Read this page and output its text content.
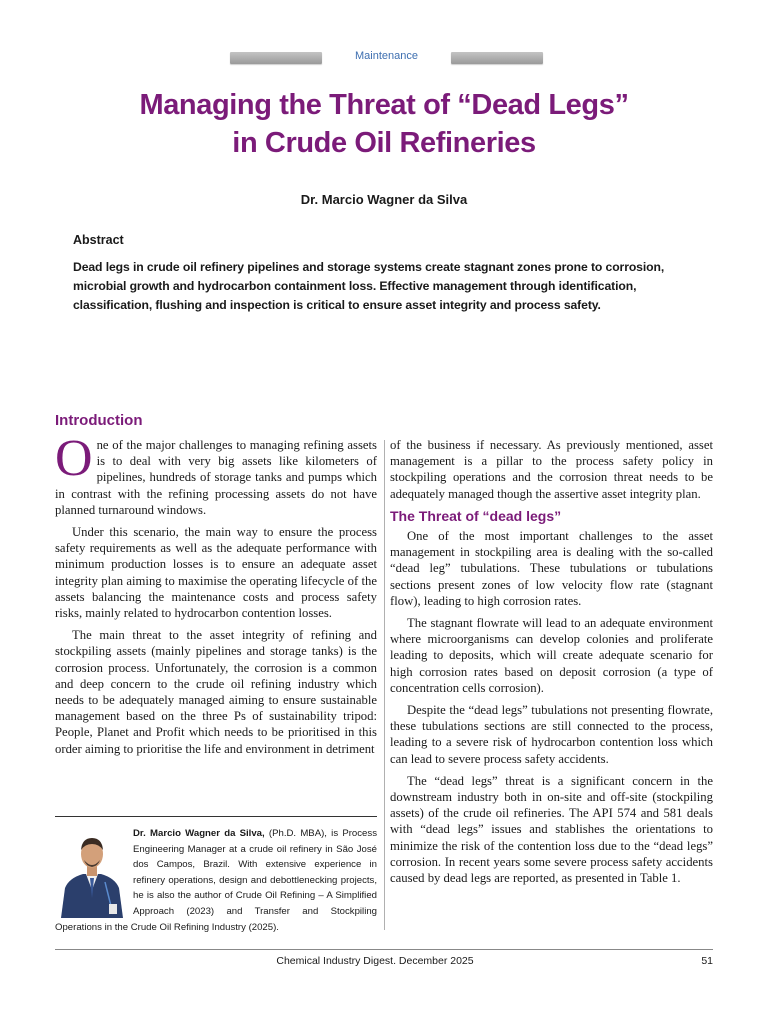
Maintenance
Managing the Threat of “Dead Legs”
in Crude Oil Refineries
Dr. Marcio Wagner da Silva
Abstract
Dead legs in crude oil refinery pipelines and storage systems create stagnant zones prone to corrosion, microbial growth and hydrocarbon containment loss. Effective management through identification, classification, flushing and inspection is critical to ensure asset integrity and process safety.
Introduction

One of the major challenges to managing refining assets is to deal with very big assets like kilometers of pipelines, hundreds of storage tanks and pumps which in contrast with the refining processing assets do not have planned turnaround windows.

Under this scenario, the main way to ensure the process safety requirements as well as the adequate performance with minimum production losses is to ensure an adequate asset integrity plan aiming to maximise the operating lifecycle of the assets balancing the maintenance costs and process safety risks, mainly related to hydrocarbon contention losses.

The main threat to the asset integrity of refining and stockpiling assets (mainly pipelines and storage tanks) is the corrosion process. Unfortunately, the corrosion is a common and deep concern to the crude oil refining industry which needs to be adequately managed aiming to ensure sustainable management based on the three Ps of sustainability tripod: People, Planet and Profit which needs to be prioritised in this order aiming to prioritise the life and environment in detriment

of the business if necessary. As previously mentioned, asset management is a pillar to the process safety policy in stockpiling operations and the corrosion threat needs to be adequately managed though the assertive asset integrity plan.

The Threat of “dead legs”

One of the most important challenges to the asset management in stockpiling area is dealing with the so-called “dead leg” tubulations. These tubulations or tubulations sections present zones of low velocity flow rate (stagnant flow), leading to high corrosion rates.

The stagnant flowrate will lead to an adequate environment where microorganisms can develop colonies and proliferate leading to deposits, which will create adequate scenario for high corrosion rates based on deposit corrosion (a type of concentration cells corrosion).

Despite the “dead legs” tubulations not presenting flowrate, these tubulations sections are still connected to the process, leading to a severe risk of hydrocarbon contention loss which can lead to severe process safety accidents.

The “dead legs” threat is a significant concern in the downstream industry both in on-site and off-site (stockpiling assets) of the crude oil refineries. The API 574 and 581 deals with “dead legs” issues and stablishes the orientations to minimize the risk of the contention loss due to the “dead legs” corrosion. In recent years some severe process safety accidents caused by dead legs are reported, as presented in Table 1.

Dr. Marcio Wagner da Silva, (Ph.D. MBA), is Process Engineering Manager at a crude oil refinery in São José dos Campos, Brazil. With extensive experience in refinery operations, design and debottlenecking projects, he is also the author of Crude Oil Refining – A Simplified Approach (2023) and Transfer and Stockpiling Operations in the Crude Oil Refining Industry (2025).
Chemical Industry Digest. December 2025	51
